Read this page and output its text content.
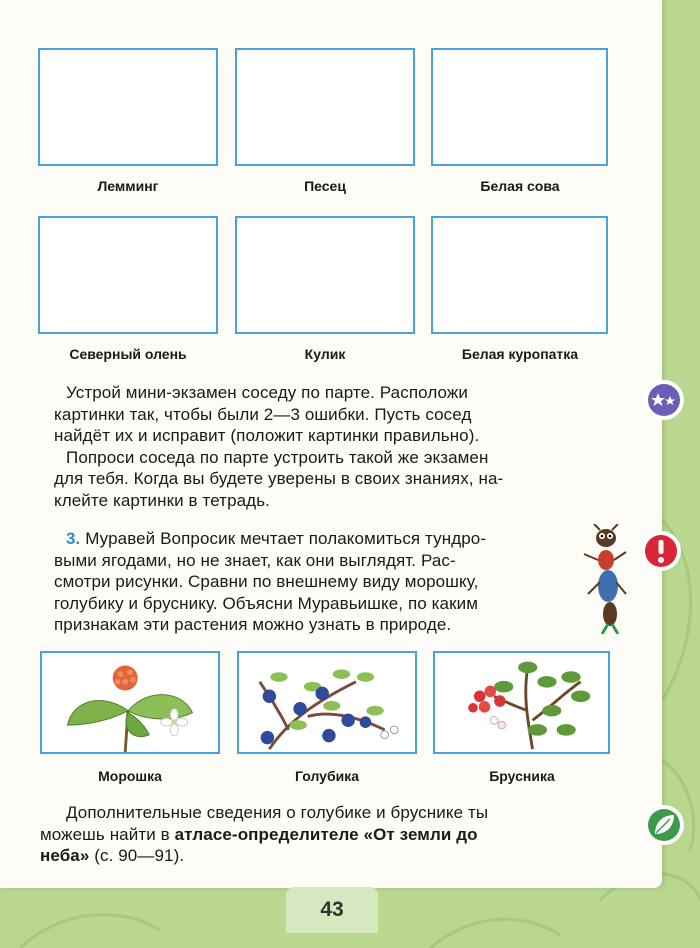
Лемминг	Песец	Белая сова
Северный олень	Кулик	Белая куропатка

Устрой мини-экзамен соседу по парте. Расположи

картинки так, чтобы были 2—3 ошибки. Пусть сосед

найдёт их и исправит (положит картинки правильно).

Попроси соседа по парте устроить такой же экзамен

для тебя. Когда вы будете уверены в своих знаниях, на-

клейте картинки в тетрадь.

3. Муравей Вопросик мечтает полакомиться тундро-

выми ягодами, но не знает, как они выглядят. Рас-

смотри рисунки. Сравни по внешнему виду морошку,

голубику и бруснику. Объясни Муравьишке, по каким

признакам эти растения можно узнать в природе.

Морошка	Голубика	Брусника

Дополнительные сведения о голубике и бруснике ты

можешь найти в атласе-определителе «От земли до

неба» (с. 90—91).

43
